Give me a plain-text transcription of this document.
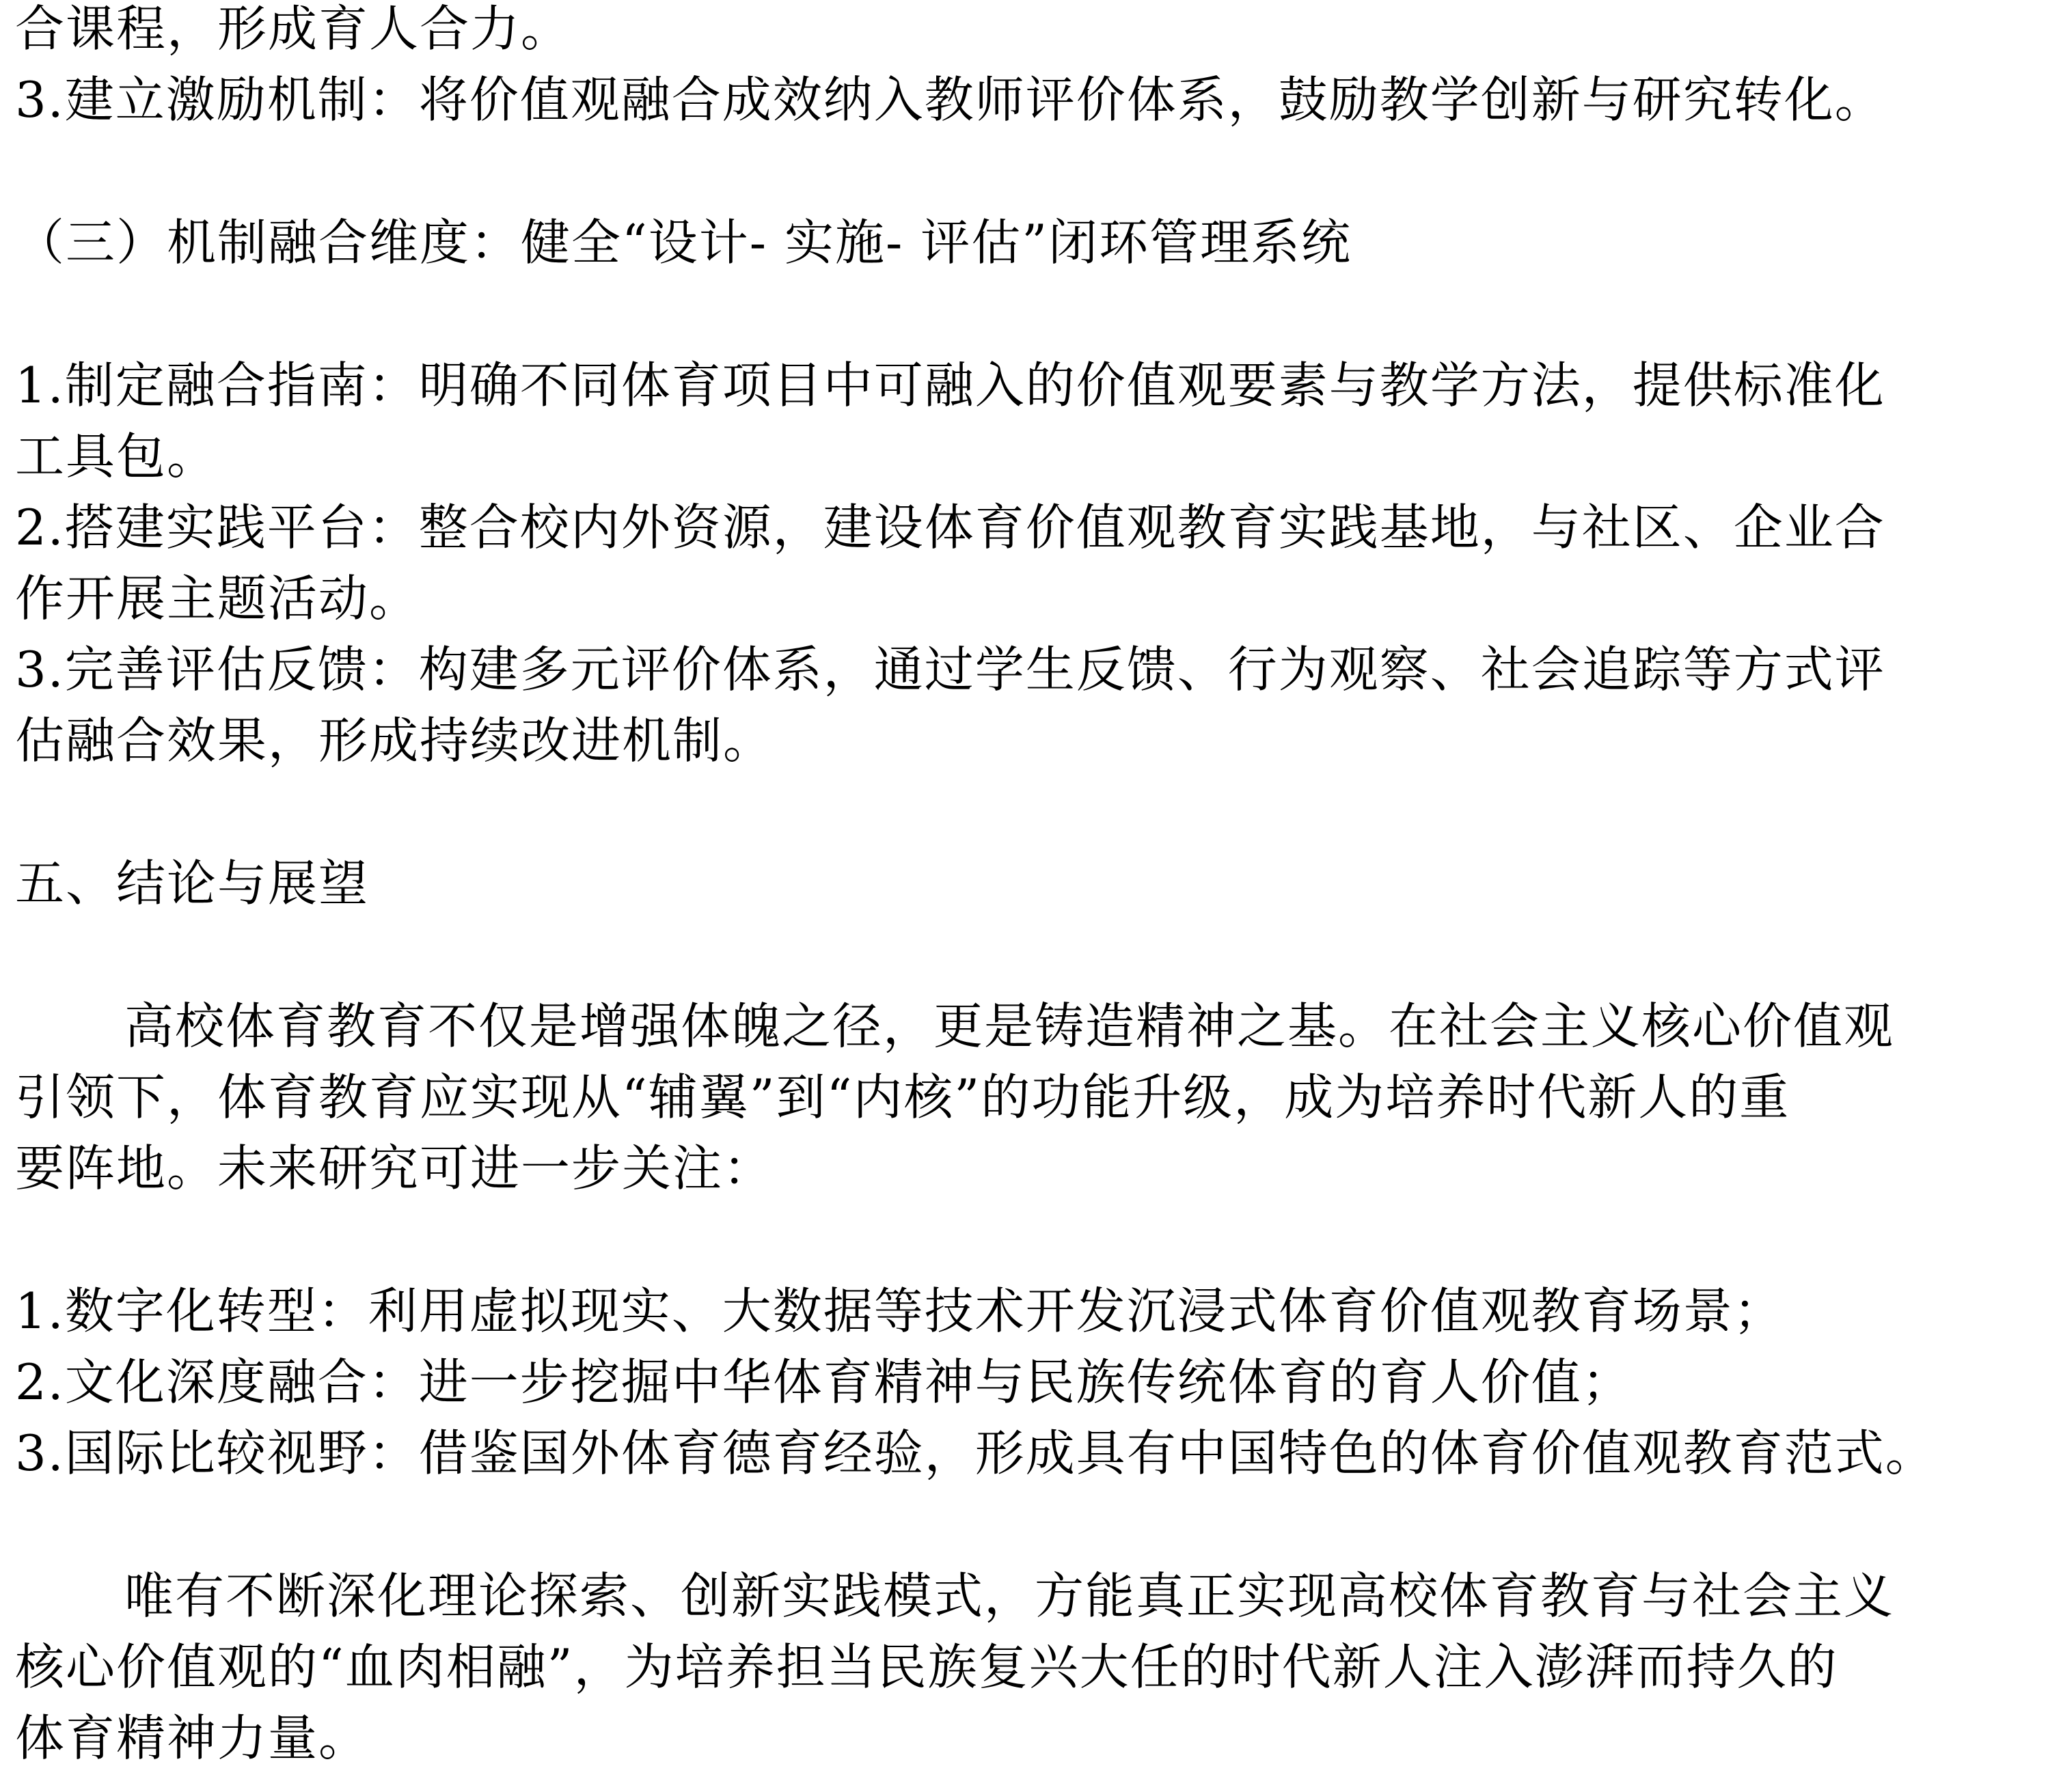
合课程，形成育人合力。
3.建立激励机制：将价值观融合成效纳入教师评价体系，鼓励教学创新与研究转化。
（三）机制融合维度：健全“设计- 实施- 评估”闭环管理系统
1.制定融合指南：明确不同体育项目中可融入的价值观要素与教学方法，提供标准化
工具包。
2.搭建实践平台：整合校内外资源，建设体育价值观教育实践基地，与社区、企业合
作开展主题活动。
3.完善评估反馈：构建多元评价体系，通过学生反馈、行为观察、社会追踪等方式评
估融合效果，形成持续改进机制。
五、结论与展望
高校体育教育不仅是增强体魄之径，更是铸造精神之基。在社会主义核心价值观
引领下，体育教育应实现从“辅翼”到“内核”的功能升级，成为培养时代新人的重
要阵地。未来研究可进一步关注：
1.数字化转型：利用虚拟现实、大数据等技术开发沉浸式体育价值观教育场景；
2.文化深度融合：进一步挖掘中华体育精神与民族传统体育的育人价值；
3.国际比较视野：借鉴国外体育德育经验，形成具有中国特色的体育价值观教育范式。
唯有不断深化理论探索、创新实践模式，方能真正实现高校体育教育与社会主义
核心价值观的“血肉相融”，为培养担当民族复兴大任的时代新人注入澎湃而持久的
体育精神力量。
